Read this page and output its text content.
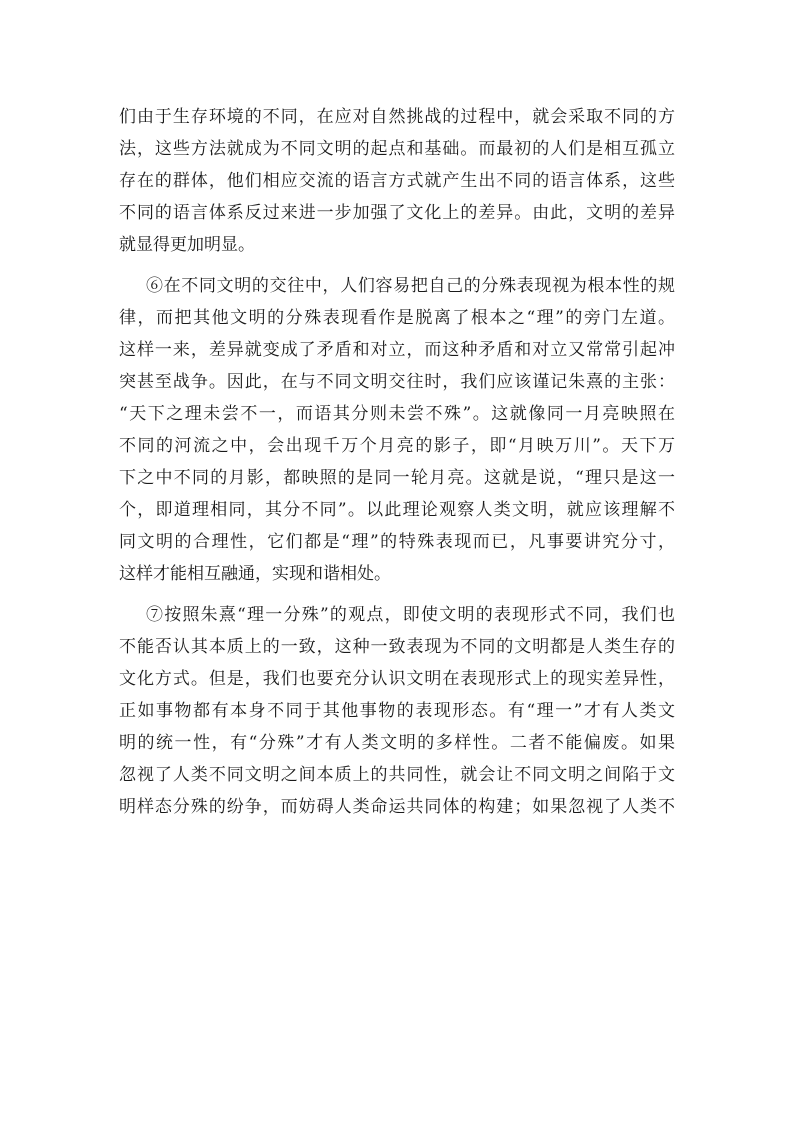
们由于生存环境的不同，在应对自然挑战的过程中，就会采取不同的方
法，这些方法就成为不同文明的起点和基础。而最初的人们是相互孤立
存在的群体，他们相应交流的语言方式就产生出不同的语言体系，这些
不同的语言体系反过来进一步加强了文化上的差异。由此，文明的差异
就显得更加明显。
⑥在不同文明的交往中，人们容易把自己的分殊表现视为根本性的规
律，而把其他文明的分殊表现看作是脱离了根本之“理”的旁门左道。
这样一来，差异就变成了矛盾和对立，而这种矛盾和对立又常常引起冲
突甚至战争。因此，在与不同文明交往时，我们应该谨记朱熹的主张：
“天下之理未尝不一，而语其分则未尝不殊”。这就像同一月亮映照在
不同的河流之中，会出现千万个月亮的影子，即“月映万川”。天下万
下之中不同的月影，都映照的是同一轮月亮。这就是说，“理只是这一
个，即道理相同，其分不同”。以此理论观察人类文明，就应该理解不
同文明的合理性，它们都是“理”的特殊表现而已，凡事要讲究分寸，
这样才能相互融通，实现和谐相处。
⑦按照朱熹“理一分殊”的观点，即使文明的表现形式不同，我们也
不能否认其本质上的一致，这种一致表现为不同的文明都是人类生存的
文化方式。但是，我们也要充分认识文明在表现形式上的现实差异性，
正如事物都有本身不同于其他事物的表现形态。有“理一”才有人类文
明的统一性，有“分殊”才有人类文明的多样性。二者不能偏废。如果
忽视了人类不同文明之间本质上的共同性，就会让不同文明之间陷于文
明样态分殊的纷争，而妨碍人类命运共同体的构建；如果忽视了人类不
